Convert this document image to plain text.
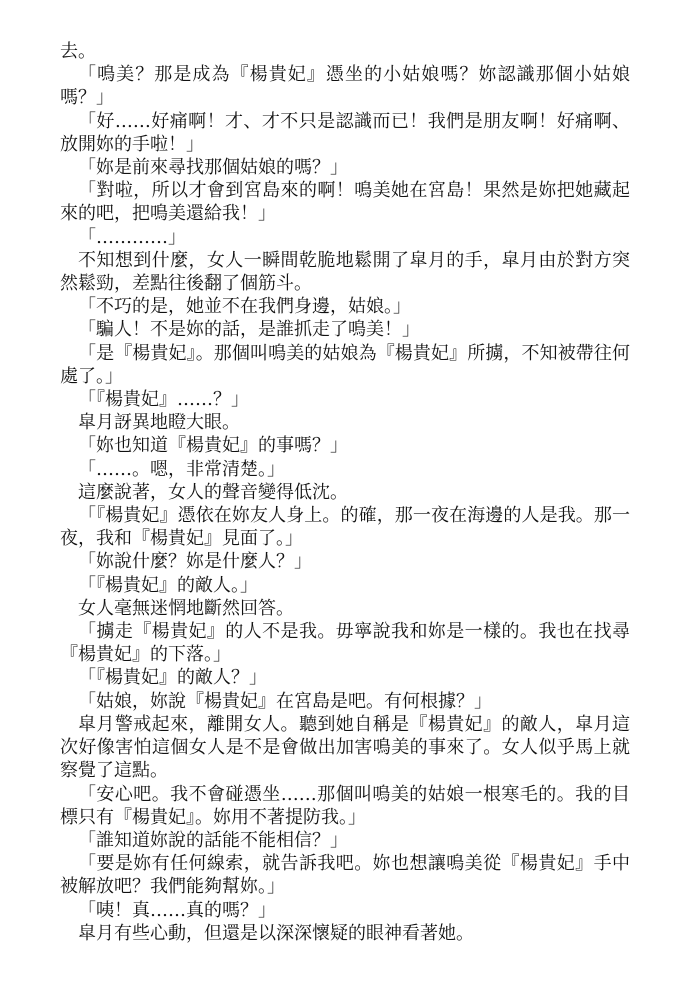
去。

「鳴美？那是成為『楊貴妃』憑坐的小姑娘嗎？妳認識那個小姑娘嗎？」

「好……好痛啊！才、才不只是認識而已！我們是朋友啊！好痛啊、放開妳的手啦！」

「妳是前來尋找那個姑娘的嗎？」

「對啦，所以才會到宮島來的啊！鳴美她在宮島！果然是妳把她藏起來的吧，把鳴美還給我！」

「…………」

不知想到什麼，女人一瞬間乾脆地鬆開了皐月的手，皐月由於對方突然鬆勁，差點往後翻了個筋斗。

「不巧的是，她並不在我們身邊，姑娘。」

「騙人！不是妳的話，是誰抓走了鳴美！」

「是『楊貴妃』。那個叫鳴美的姑娘為『楊貴妃』所擄，不知被帶往何處了。」

「『楊貴妃』……？」

皐月訝異地瞪大眼。

「妳也知道『楊貴妃』的事嗎？」

「……。嗯，非常清楚。」

這麼說著，女人的聲音變得低沈。

「『楊貴妃』憑依在妳友人身上。的確，那一夜在海邊的人是我。那一夜，我和『楊貴妃』見面了。」

「妳說什麼？妳是什麼人？」

「『楊貴妃』的敵人。」

女人毫無迷惘地斷然回答。

「擄走『楊貴妃』的人不是我。毋寧說我和妳是一樣的。我也在找尋『楊貴妃』的下落。」

「『楊貴妃』的敵人？」

「姑娘，妳說『楊貴妃』在宮島是吧。有何根據？」

皐月警戒起來，離開女人。聽到她自稱是『楊貴妃』的敵人，皐月這次好像害怕這個女人是不是會做出加害鳴美的事來了。女人似乎馬上就察覺了這點。

「安心吧。我不會碰憑坐……那個叫鳴美的姑娘一根寒毛的。我的目標只有『楊貴妃』。妳用不著提防我。」

「誰知道妳說的話能不能相信？」

「要是妳有任何線索，就告訴我吧。妳也想讓鳴美從『楊貴妃』手中被解放吧？我們能夠幫妳。」

「咦！真……真的嗎？」

皐月有些心動，但還是以深深懷疑的眼神看著她。
